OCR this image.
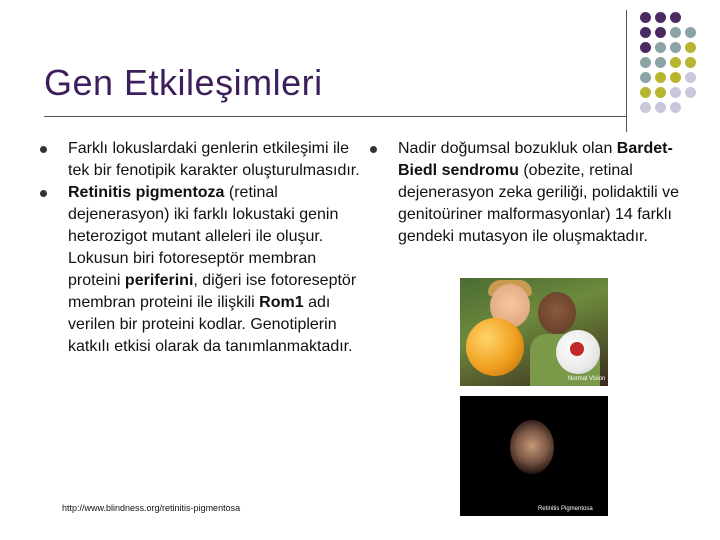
Gen Etkileşimleri
Farklı lokuslardaki genlerin etkileşimi ile tek bir fenotipik karakter oluşturulmasıdır.
Retinitis pigmentoza (retinal dejenerasyon) iki farklı lokustaki genin heterozigot mutant alleleri ile oluşur. Lokusun biri fotoreseptör membran proteini periferini, diğeri ise fotoreseptör membran proteini ile ilişkili Rom1 adı verilen bir proteini kodlar. Genotiplerin katkılı etkisi olarak da tanımlanmaktadır.
http://www.blindness.org/retinitis-pigmentosa
Nadir doğumsal bozukluk olan Bardet-Biedl sendromu (obezite, retinal dejenerasyon zeka geriliği, polidaktili ve genitoüriner malformasyonlar) 14 farklı gendeki mutasyon ile oluşmaktadır.
Normal Vision
Retinitis Pigmentosa
